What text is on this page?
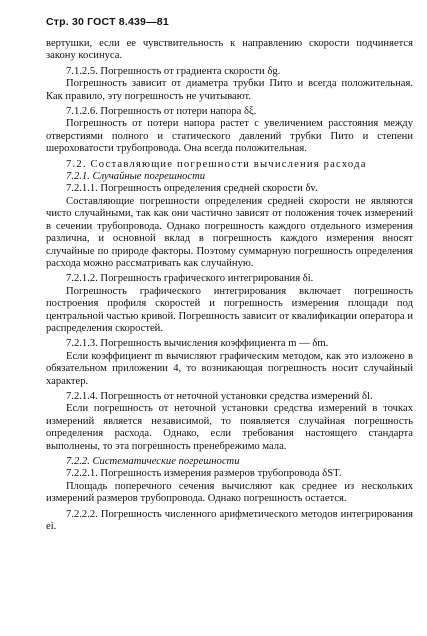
Стр. 30 ГОСТ 8.439—81

вертушки, если ее чувствительность к направлению скорости подчиняется закону косинуса.

7.1.2.5. Погрешность от градиента скорости δg.

Погрешность зависит от диаметра трубки Пито и всегда положительная. Как правило, эту погрешность не учитывают.

7.1.2.6. Погрешность от потери напора δξ.

Погрешность от потери напора растет с увеличением расстояния между отверстиями полного и статического давлений трубки Пито и степени шероховатости трубопровода. Она всегда положительная.

7.2. Составляющие погрешности вычисления расхода

7.2.1. Случайные погрешности

7.2.1.1. Погрешность определения средней скорости δv.

Составляющие погрешности определения средней скорости не являются чисто случайными, так как они частично зависят от положения точек измерений в сечении трубопровода. Однако погрешность каждого отдельного измерения различна, и основной вклад в погрешность каждого измерения вносят случайные по природе факторы. Поэтому суммарную погрешность определения расхода можно рассматривать как случайную.

7.2.1.2. Погрешность графического интегрирования δi.

Погрешность графического интегрирования включает погрешность построения профиля скоростей и погрешность измерения площади под центральной частью кривой. Погрешность зависит от квалификации оператора и распределения скоростей.

7.2.1.3. Погрешность вычисления коэффициента m — δm.

Если коэффициент m вычисляют графическим методом, как это изложено в обязательном приложении 4, то возникающая погрешность носит случайный характер.

7.2.1.4. Погрешность от неточной установки средства измерений δl.

Если погрешность от неточной установки средства измерений в точках измерений является независимой, то появляется случайная погрешность определения расхода. Однако, если требования настоящего стандарта выполнены, то эта погрешность пренебрежимо мала.

7.2.2. Систематические погрешности

7.2.2.1. Погрешность измерения размеров трубопровода δST.

Площадь поперечного сечения вычисляют как среднее из нескольких измерений размеров трубопровода. Однако погрешность остается.

7.2.2.2. Погрешность численного арифметического методов интегрирования ei.
